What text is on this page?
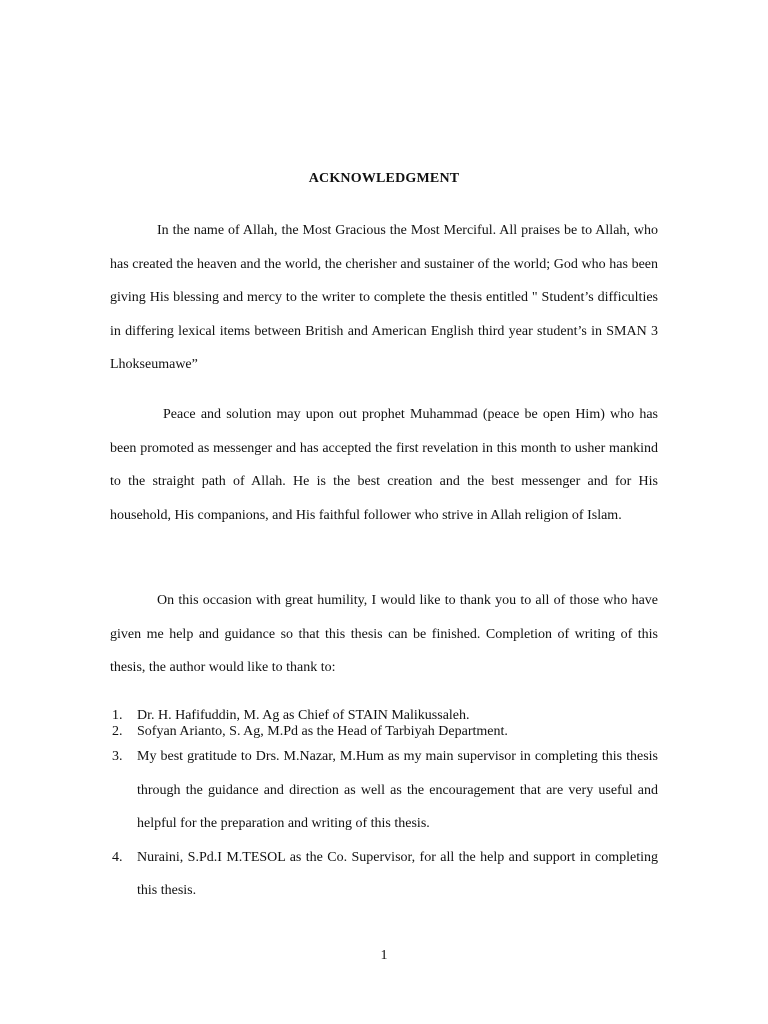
ACKNOWLEDGMENT

In the name of Allah, the Most Gracious the Most Merciful. All praises be to Allah, who has created the heaven and the world, the cherisher and sustainer of the world; God who has been giving His blessing and mercy to the writer to complete the thesis entitled " Student’s difficulties in differing lexical items between British and American English third year student’s in SMAN 3 Lhokseumawe”

Peace and solution may upon out prophet Muhammad (peace be open Him) who has been promoted as messenger and has accepted the first revelation in this month to usher mankind to the straight path of Allah. He is the best creation and the best messenger and for His household, His companions, and His faithful follower who strive in Allah religion of Islam.

On this occasion with great humility, I would like to thank you to all of those who have given me help and guidance so that this thesis can be finished. Completion of writing of this thesis, the author would like to thank to:

1. Dr. H. Hafifuddin, M. Ag as Chief of STAIN Malikussaleh.
2. Sofyan Arianto, S. Ag, M.Pd as the Head of Tarbiyah Department.
3. My best gratitude to Drs. M.Nazar, M.Hum as my main supervisor in completing this thesis through the guidance and direction as well as the encouragement that are very useful and helpful for the preparation and writing of this thesis.
4. Nuraini, S.Pd.I M.TESOL as the Co. Supervisor, for all the help and support in completing this thesis.
1
